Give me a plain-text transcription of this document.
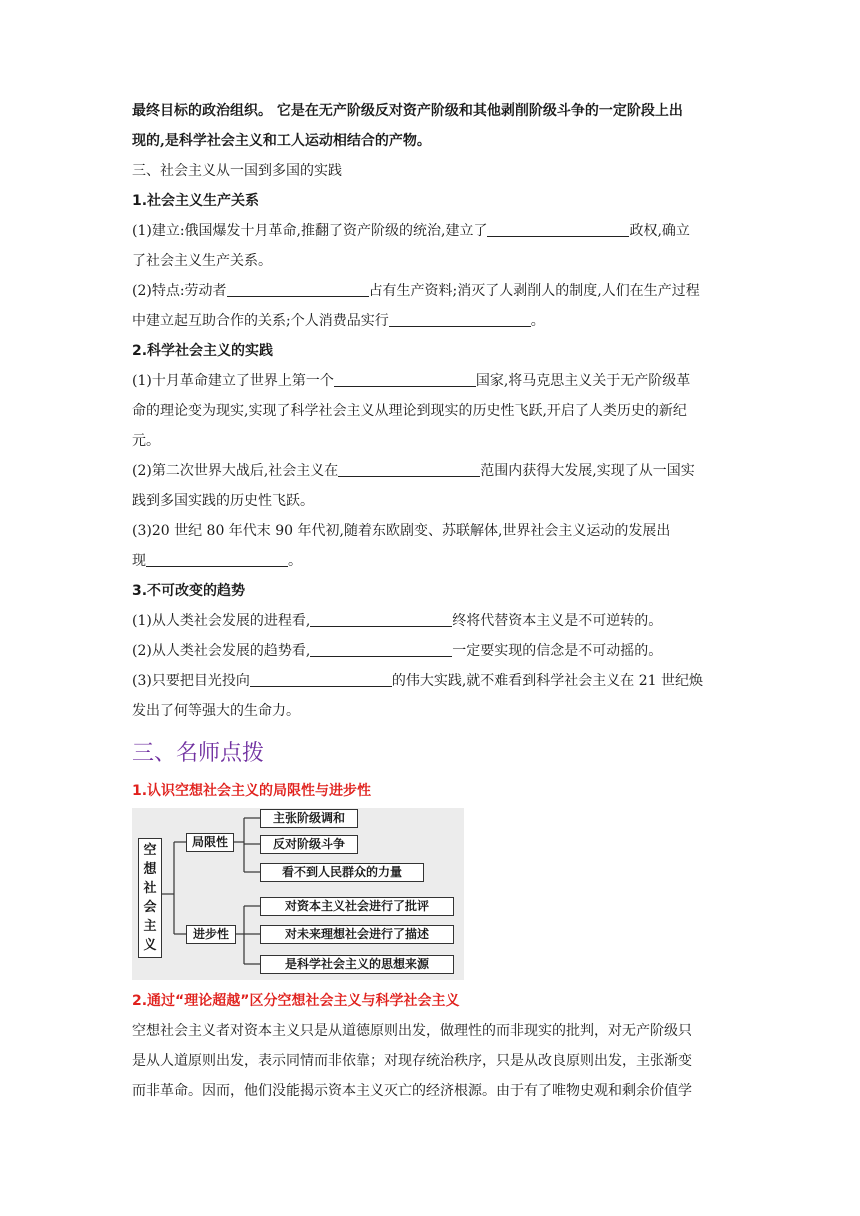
最终目标的政治组织。 它是在无产阶级反对资产阶级和其他剥削阶级斗争的一定阶段上出
现的,是科学社会主义和工人运动相结合的产物。
三、社会主义从一国到多国的实践
1.社会主义生产关系
(1)建立:俄国爆发十月革命,推翻了资产阶级的统治,建立了	政权,确立
了社会主义生产关系。
(2)特点:劳动者	占有生产资料;消灭了人剥削人的制度,人们在生产过程
中建立起互助合作的关系;个人消费品实行	。
2.科学社会主义的实践
(1)十月革命建立了世界上第一个	国家,将马克思主义关于无产阶级革
命的理论变为现实,实现了科学社会主义从理论到现实的历史性飞跃,开启了人类历史的新纪
元。
(2)第二次世界大战后,社会主义在	范围内获得大发展,实现了从一国实
践到多国实践的历史性飞跃。
(3)20 世纪 80 年代末 90 年代初,随着东欧剧变、苏联解体,世界社会主义运动的发展出
现	。
3.不可改变的趋势
(1)从人类社会发展的进程看,	终将代替资本主义是不可逆转的。
(2)从人类社会发展的趋势看,	一定要实现的信念是不可动摇的。
(3)只要把目光投向	的伟大实践,就不难看到科学社会主义在 21 世纪焕
发出了何等强大的生命力。
三、名师点拨
1.认识空想社会主义的局限性与进步性
空想社会主义
局限性
进步性
主张阶级调和
反对阶级斗争
看不到人民群众的力量
对资本主义社会进行了批评
对未来理想社会进行了描述
是科学社会主义的思想来源
2.通过“理论超越”区分空想社会主义与科学社会主义
空想社会主义者对资本主义只是从道德原则出发，做理性的而非现实的批判，对无产阶级只
是从人道原则出发，表示同情而非依靠；对现存统治秩序，只是从改良原则出发，主张渐变
而非革命。因而，他们没能揭示资本主义灭亡的经济根源。由于有了唯物史观和剩余价值学
